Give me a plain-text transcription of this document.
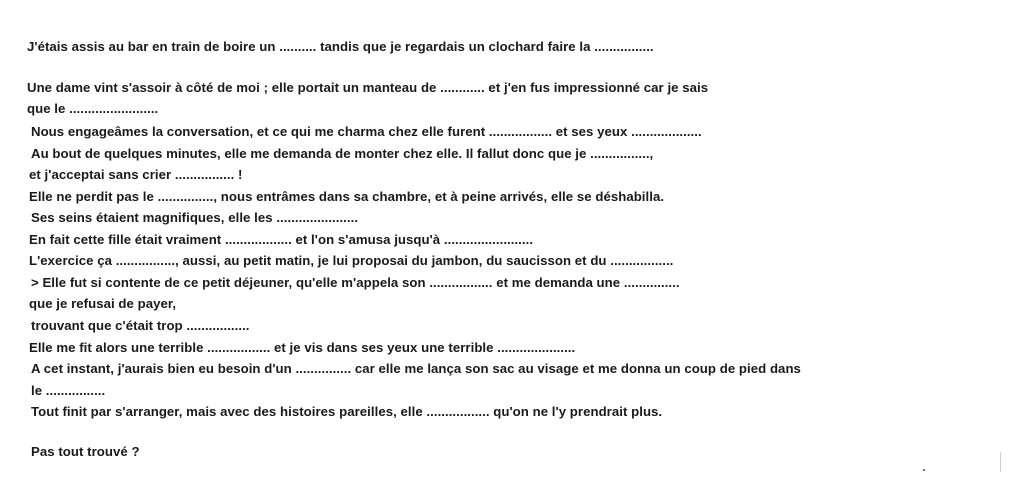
J'étais assis au bar en train de boire un .......... tandis que je regardais un clochard faire la ................
Une dame vint s'assoir à côté de moi ; elle portait un manteau de ............ et j'en fus impressionné car je sais
que le ........................
Nous engageâmes la conversation, et ce qui me charma chez elle furent ................. et ses yeux ...................
Au bout de quelques minutes, elle me demanda de monter chez elle. Il fallut donc que je ................,
et j'acceptai sans crier ................ !
Elle ne perdit pas le ..............., nous entrâmes dans sa chambre, et à peine arrivés, elle se déshabilla.
Ses seins étaient magnifiques, elle les ......................
En fait cette fille était vraiment .................. et l'on s'amusa jusqu'à ........................
L'exercice ça ................, aussi, au petit matin, je lui proposai du jambon, du saucisson et du .................
> Elle fut si contente de ce petit déjeuner, qu'elle m'appela son ................. et me demanda une ...............
que je refusai de payer,
trouvant que c'était trop .................
Elle me fit alors une terrible ................. et je vis dans ses yeux une terrible .....................
A cet instant, j'aurais bien eu besoin d'un ............... car elle me lança son sac au visage et me donna un coup de pied dans
le ................
Tout finit par s'arranger, mais avec des histoires pareilles, elle ................. qu'on ne l'y prendrait plus.
Pas tout trouvé ?
